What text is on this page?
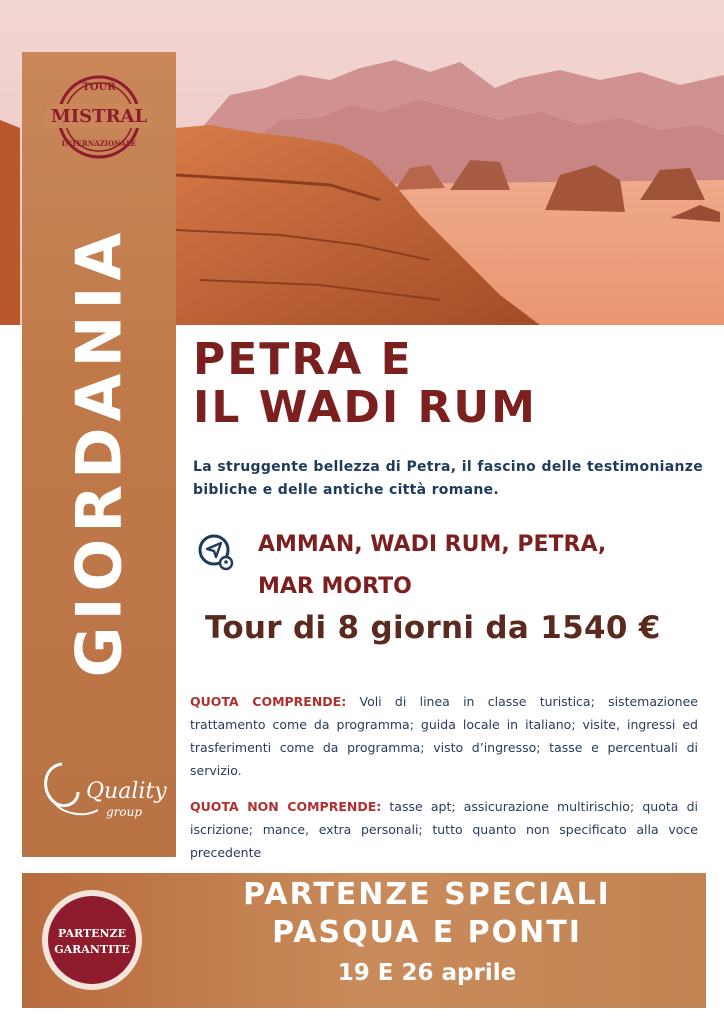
TOUR
MISTRAL
INTERNAZIONALE
GIORDANIA
Quality
group
PETRA E
IL WADI RUM

La struggente bellezza di Petra, il fascino delle testimonianze bibliche e delle antiche città romane.

AMMAN, WADI RUM, PETRA,
MAR MORTO

Tour di 8 giorni da 1540 €

QUOTA COMPRENDE: Voli di linea in classe turistica; sistemazionee trattamento come da programma; guida locale in italiano; visite, ingressi ed trasferimenti come da programma; visto d’ingresso; tasse e percentuali di servizio.

QUOTA NON COMPRENDE: tasse apt; assicurazione multirischio; quota di iscrizione; mance, extra personali; tutto quanto non specificato alla voce precedente

PARTENZE
GARANTITE

PARTENZE SPECIALI

PASQUA E PONTI

19 E 26 aprile
